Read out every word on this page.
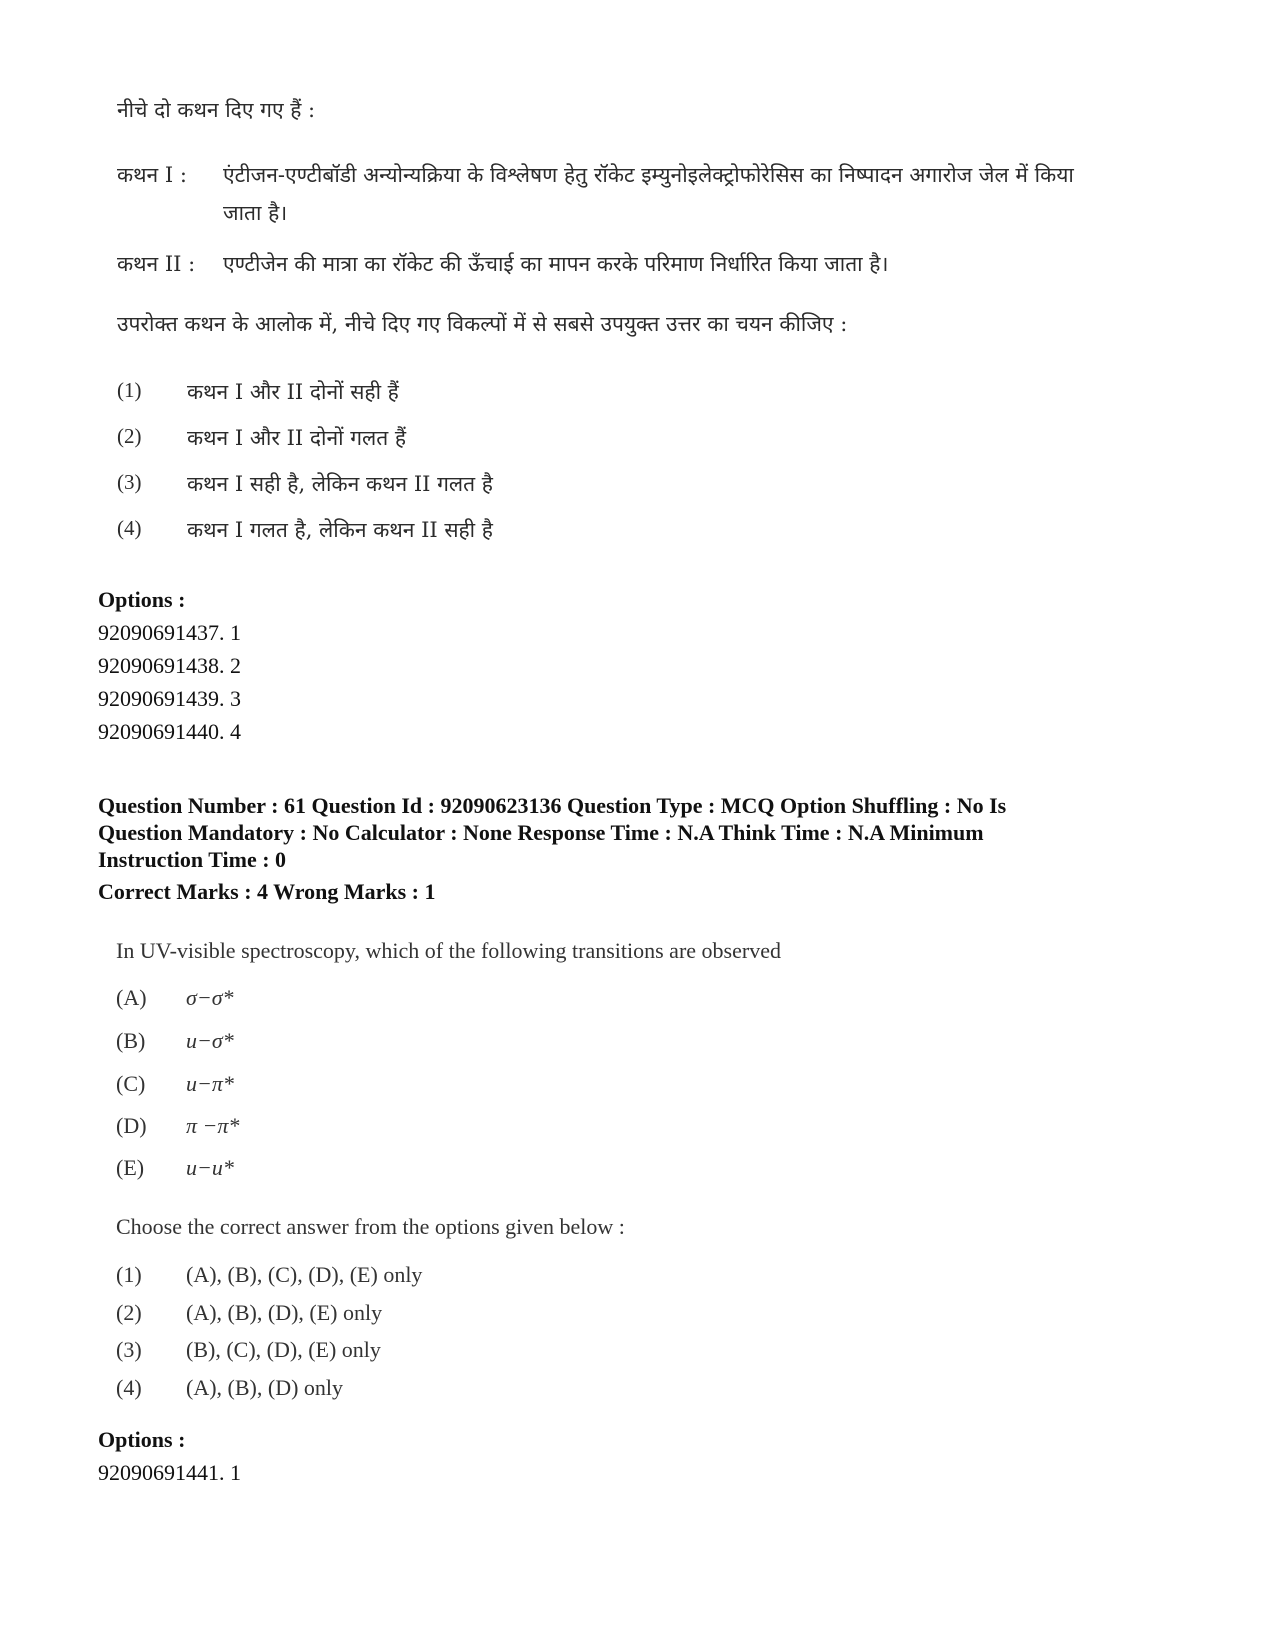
नीचे दो कथन दिए गए हैं :
कथन I : एंटीजन-एण्टीबॉडी अन्योन्यक्रिया के विश्लेषण हेतु रॉकेट इम्युनोइलेक्ट्रोफोरेसिस का निष्पादन अगारोज जेल में किया जाता है।
कथन II : एण्टीजेन की मात्रा का रॉकेट की ऊँचाई का मापन करके परिमाण निर्धारित किया जाता है।
उपरोक्त कथन के आलोक में, नीचे दिए गए विकल्पों में से सबसे उपयुक्त उत्तर का चयन कीजिए :
(1) कथन I और II दोनों सही हैं
(2) कथन I और II दोनों गलत हैं
(3) कथन I सही है, लेकिन कथन II गलत है
(4) कथन I गलत है, लेकिन कथन II सही है
Options :
92090691437. 1
92090691438. 2
92090691439. 3
92090691440. 4
Question Number : 61 Question Id : 92090623136 Question Type : MCQ Option Shuffling : No Is
Question Mandatory : No Calculator : None Response Time : N.A Think Time : N.A Minimum
Instruction Time : 0
Correct Marks : 4 Wrong Marks : 1
In UV-visible spectroscopy, which of the following transitions are observed
(A) σ−σ*
(B) u−σ*
(C) u−π*
(D) π −π*
(E) u−u*
Choose the correct answer from the options given below :
(1) (A), (B), (C), (D), (E) only
(2) (A), (B), (D), (E) only
(3) (B), (C), (D), (E) only
(4) (A), (B), (D) only
Options :
92090691441. 1
